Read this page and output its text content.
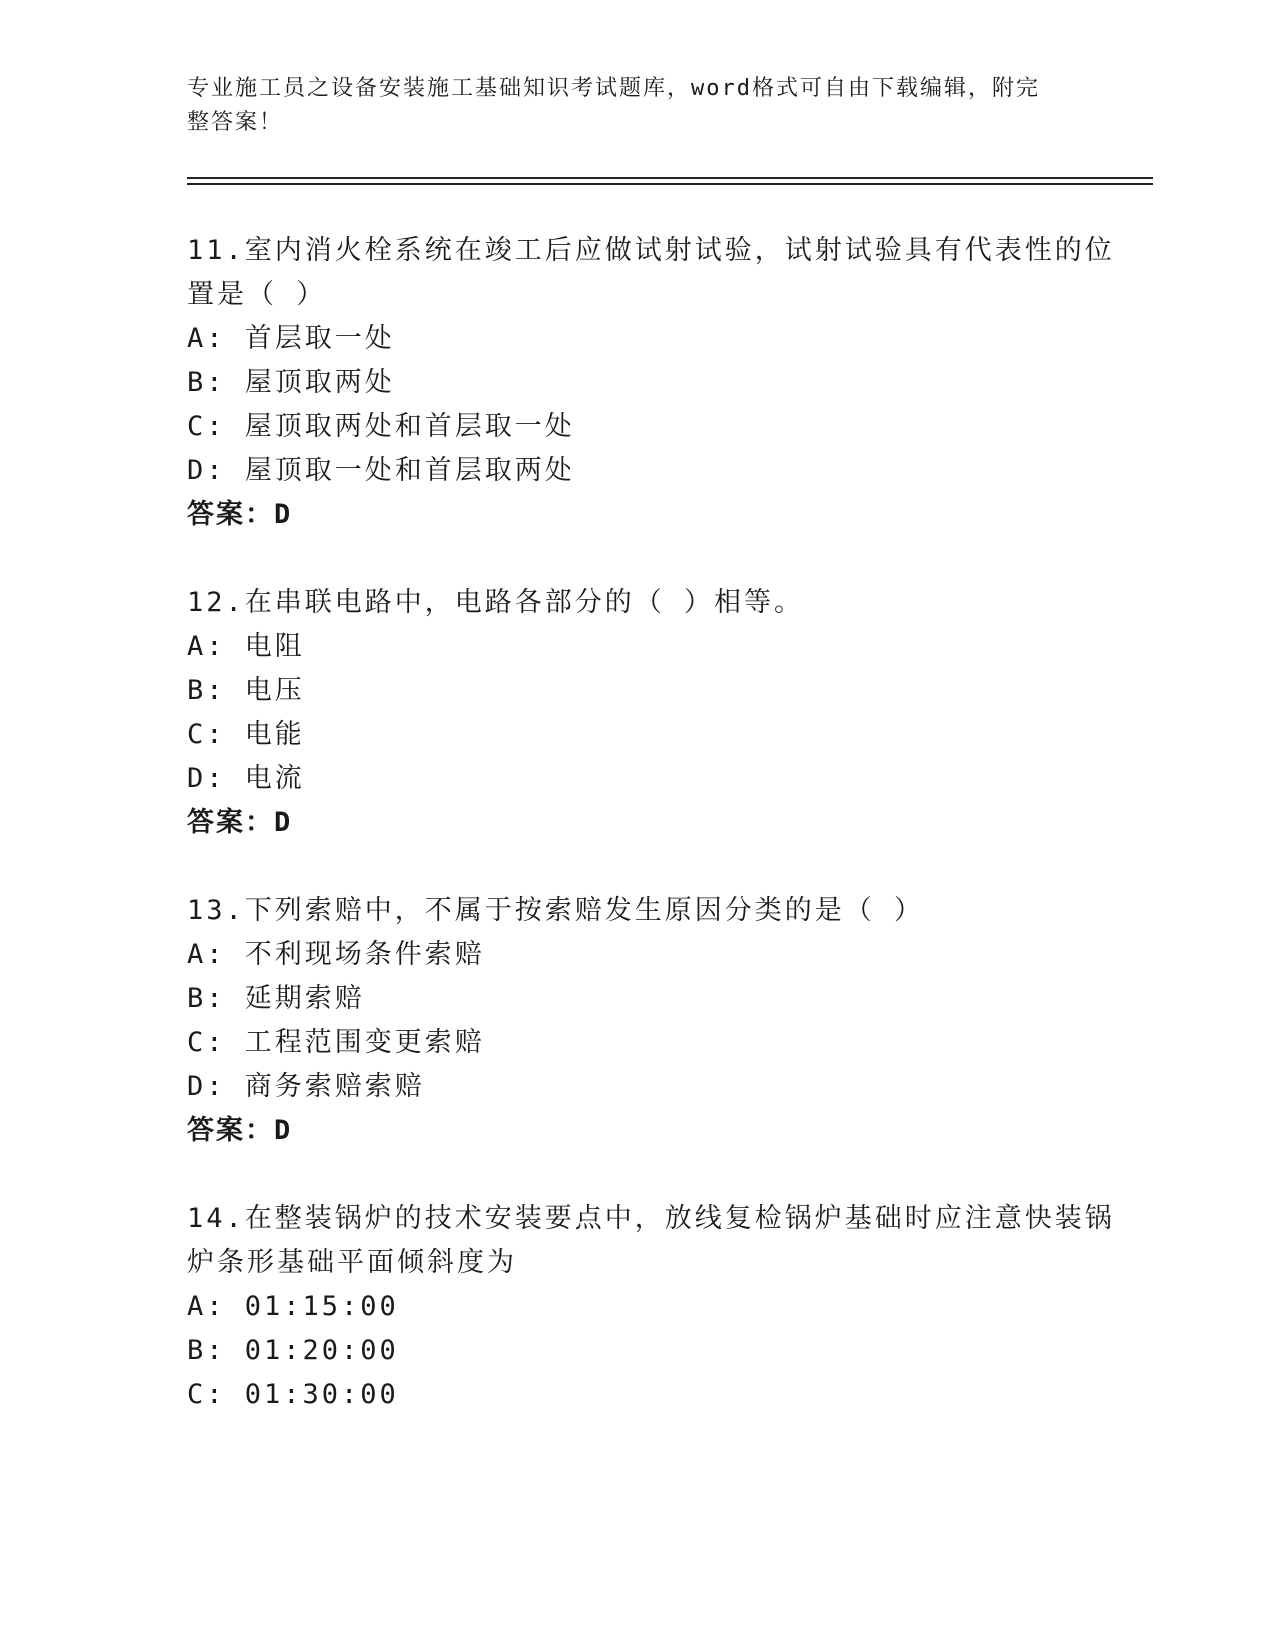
专业施工员之设备安装施工基础知识考试题库，word格式可自由下载编辑，附完
整答案！
11.室内消火栓系统在竣工后应做试射试验，试射试验具有代表性的位
置是（ ）
A: 首层取一处
B: 屋顶取两处
C: 屋顶取两处和首层取一处
D: 屋顶取一处和首层取两处
答案：D
12.在串联电路中，电路各部分的（ ）相等。
A: 电阻
B: 电压
C: 电能
D: 电流
答案：D
13.下列索赔中，不属于按索赔发生原因分类的是（ ）
A: 不利现场条件索赔
B: 延期索赔
C: 工程范围变更索赔
D: 商务索赔索赔
答案：D
14.在整装锅炉的技术安装要点中，放线复检锅炉基础时应注意快装锅
炉条形基础平面倾斜度为
A: 01:15:00
B: 01:20:00
C: 01:30:00
